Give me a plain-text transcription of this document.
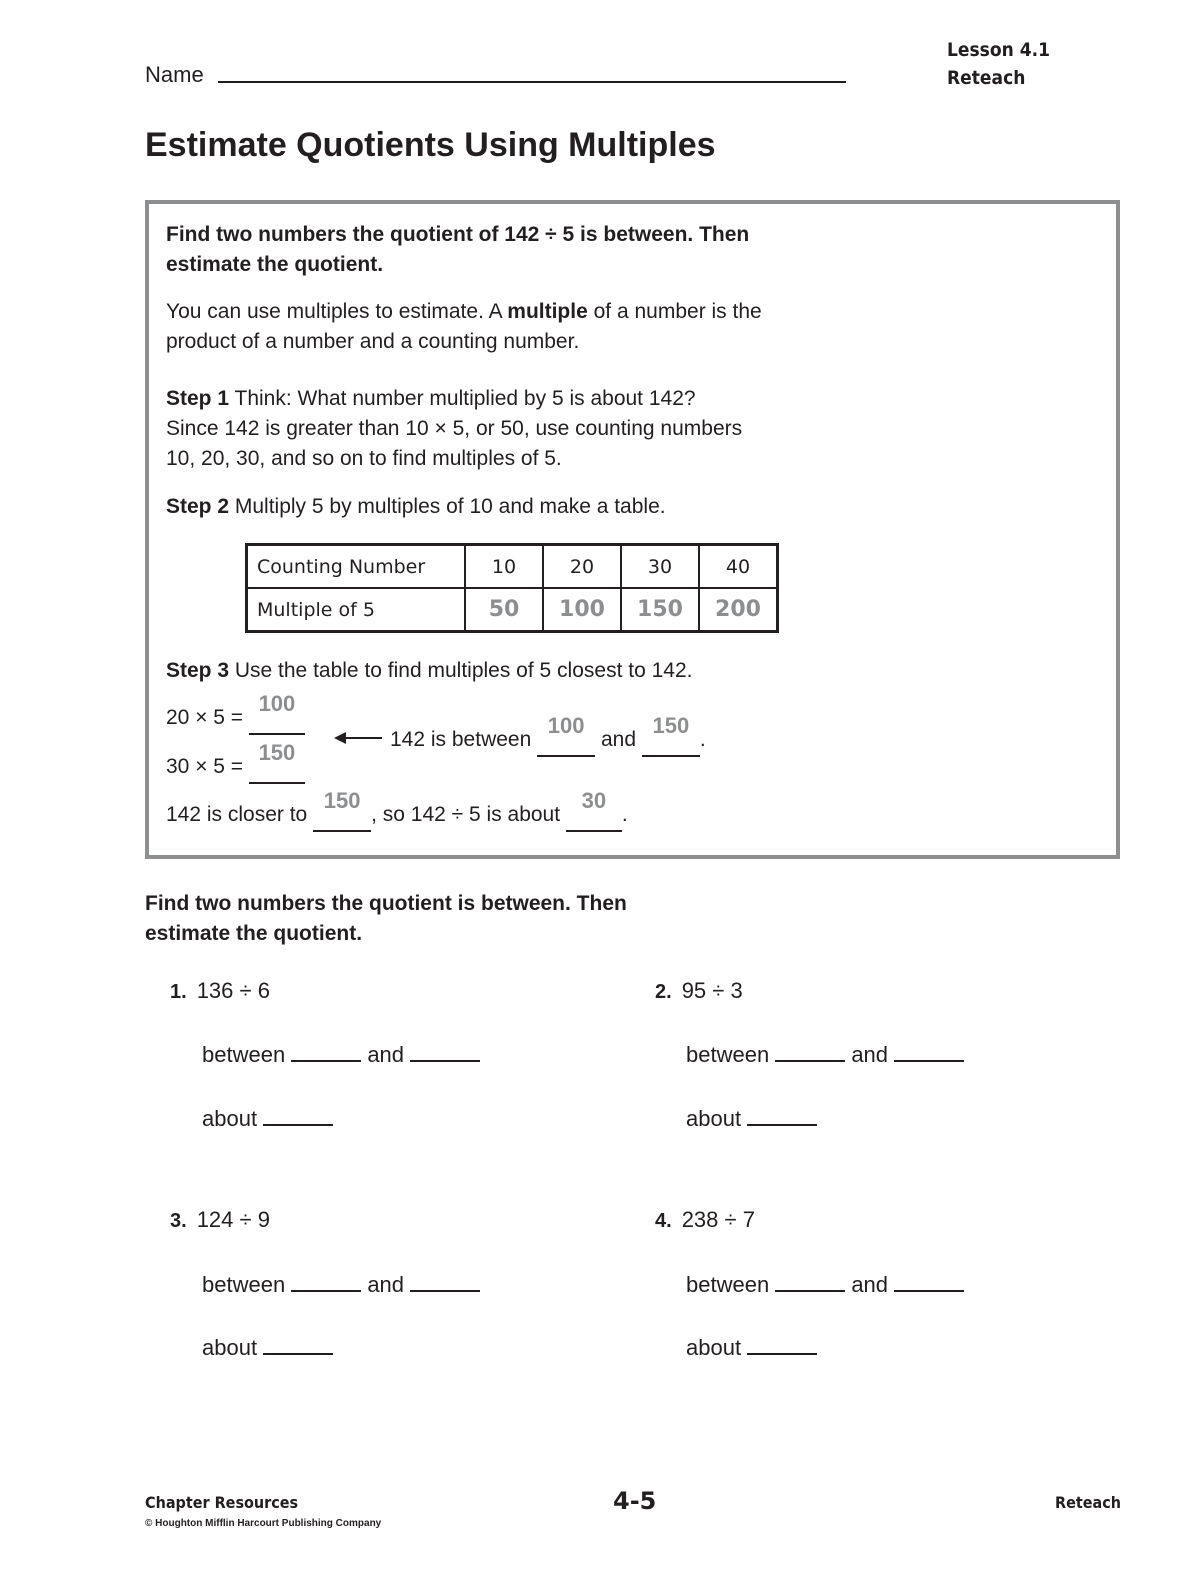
Name
Lesson 4.1
Reteach
Estimate Quotients Using Multiples
Find two numbers the quotient of 142 ÷ 5 is between. Then
estimate the quotient.
You can use multiples to estimate. A multiple of a number is the
product of a number and a counting number.
Step 1 Think: What number multiplied by 5 is about 142?
Since 142 is greater than 10 × 5, or 50, use counting numbers
10, 20, 30, and so on to find multiples of 5.
Step 2 Multiply 5 by multiples of 10 and make a table.
Counting Number	10	20	30	40
Multiple of 5	50	100	150	200
Step 3 Use the table to find multiples of 5 closest to 142.
20 × 5 =
100

30 × 5 =
150

142 is between
100
and
150
.
142 is closer to
150
, so 142 ÷ 5 is about
30
.
Find two numbers the quotient is between. Then
estimate the quotient.
1. 136 ÷ 6
between	and
about
2. 95 ÷ 3
between	and
about
3. 124 ÷ 9
between	and
about
4. 238 ÷ 7
between	and
about
Chapter Resources
© Houghton Mifflin Harcourt Publishing Company
4-5	Reteach
